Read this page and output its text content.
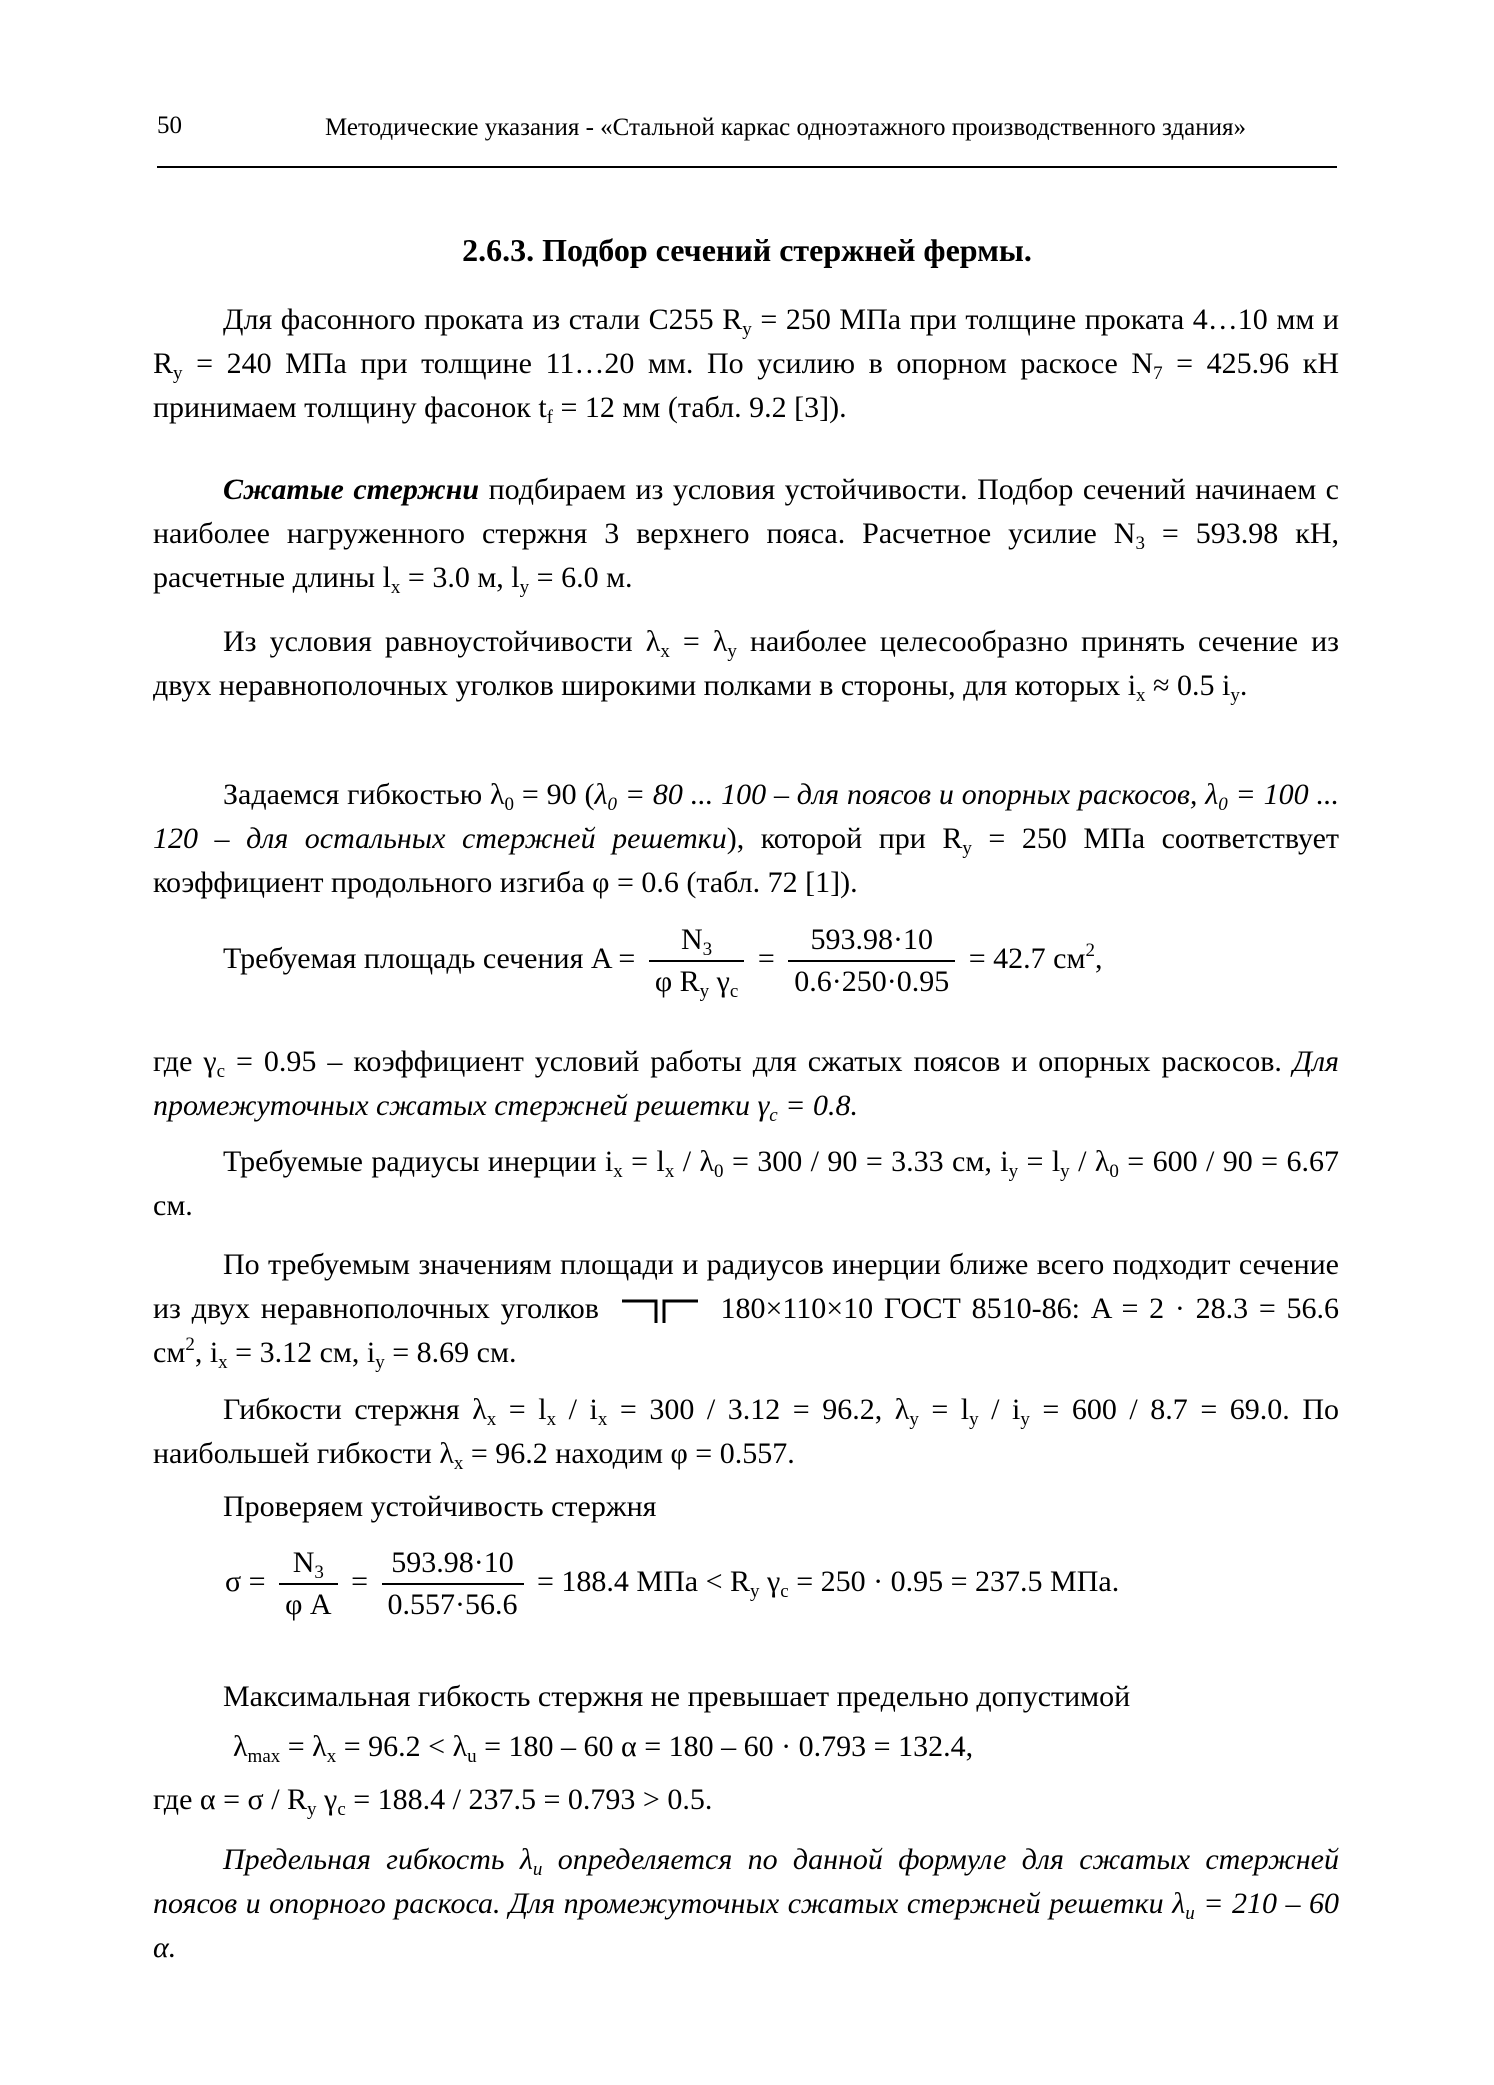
50	Методические указания - «Стальной каркас одноэтажного производственного здания»
2.6.3. Подбор сечений стержней фермы.
Для фасонного проката из стали С255 $R_y = 250$ МПа при толщине проката 4…10 мм и $R_y = 240$ МПа при толщине 11…20 мм. По усилию в опорном раскосе $N_7 = 425.96$ кН принимаем толщину фасонок $t_f = 12$ мм (табл. 9.2 [3]).
Сжатые стержни подбираем из условия устойчивости. Подбор сечений начинаем с наиболее нагруженного стержня 3 верхнего пояса. Расчетное усилие $N_3 = 593.98$ кН, расчетные длины $l_x = 3.0$ м, $l_y = 6.0$ м.
Из условия равноустойчивости $\lambda_x = \lambda_y$ наиболее целесообразно принять сечение из двух неравнополочных уголков широкими полками в стороны, для которых $i_x \approx 0.5$ $i_y$.
Задаемся гибкостью $\lambda_0 = 90$ ($\lambda_0 = 80$ ... 100 – для поясов и опорных раскосов, $\lambda_0 = 100$ ... 120 – для остальных стержней решетки), которой при $R_y = 250$ МПа соответствует коэффициент продольного изгиба φ = 0.6 (табл. 72 [1]).
Требуемая площадь сечения $A = \frac{N_3}{\varphi R_y \gamma_c} = \frac{593.98\cdot 10}{0.6\cdot 250\cdot 0.95} = 42.7$ $см^2$,
где $\gamma_c = 0.95$ – коэффициент условий работы для сжатых поясов и опорных раскосов. Для промежуточных сжатых стержней решетки $\gamma_c = 0.8$.
Требуемые радиусы инерции $i_x = l_x / \lambda_0 = 300 / 90 = 3.33$ см, $i_y = l_y / \lambda_0 = 600 / 90 = 6.67$ см.
По требуемым значениям площади и радиусов инерции ближе всего подходит сечение из двух неравнополочных уголков	180×110×10 ГОСТ 8510-86: A = 2 · 28.3 = 56.6 $см^2$, $i_x = 3.12$ см, $i_y = 8.69$ см.
Гибкости стержня $\lambda_x = l_x / i_x = 300 / 3.12 = 96.2$, $\lambda_y = l_y / i_y = 600 / 8.7 = 69.0$. По наибольшей гибкости $\lambda_x = 96.2$ находим φ = 0.557.
Проверяем устойчивость стержня
$\sigma = \frac{N_3}{\text{φ A}} = \frac{593.98\cdot 10}{0.557\cdot 56.6} = 188.4$ МПа < $R_y$ $\gamma_c = 250 \cdot 0.95 = 237.5$ МПа.
Максимальная гибкость стержня не превышает предельно допустимой
$\lambda_{max} = \lambda_x = 96.2 < \lambda_u = 180 - 60$ α = 180 – 60 · 0.793 = 132.4,
где $\alpha = \sigma / R_y$ $\gamma_c = 188.4 / 237.5 = 0.793 > 0.5$.
Предельная гибкость $\lambda_u$ определяется по данной формуле для сжатых стержней поясов и опорного раскоса. Для промежуточных сжатых стержней решетки $\lambda_u = 210 - 60$ α.
